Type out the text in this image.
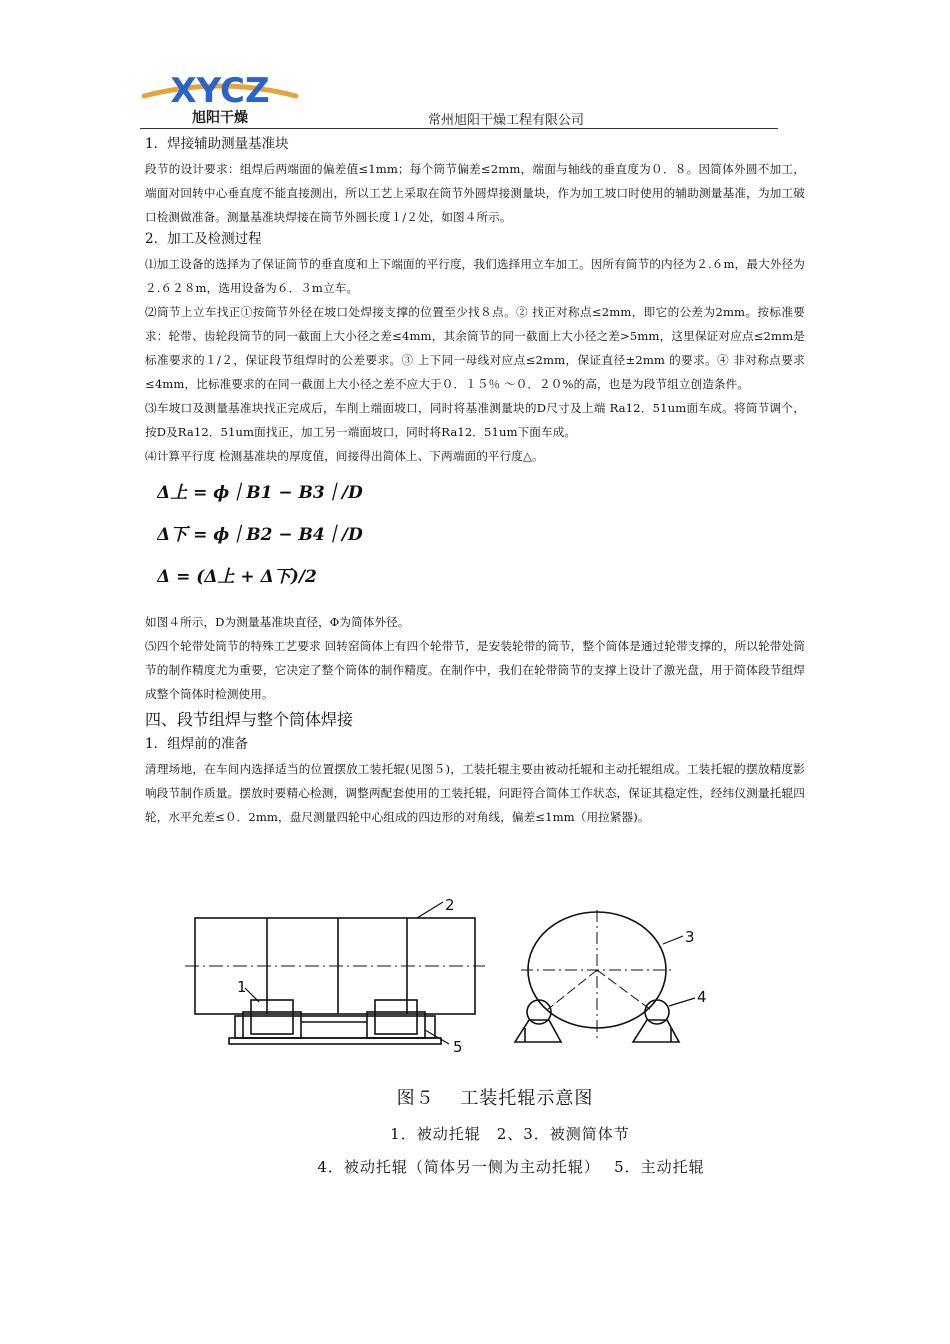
XYCZ
旭阳干燥	常州旭阳干燥工程有限公司
1．焊接辅助测量基准块

段节的设计要求：组焊后两端面的偏差值≤1mm；每个筒节偏差≤2mm，端面与轴线的垂直度为０．８。因简体外圆不加工，端面对回转中心垂直度不能直接测出，所以工艺上采取在筒节外圆焊接测量块，作为加工坡口时使用的辅助测量基准，为加工破口检测做准备。测量基准块焊接在筒节外圆长度１/２处，如图４所示。

2．加工及检测过程

⑴加工设备的选择为了保证筒节的垂直度和上下端面的平行度，我们选择用立车加工。因所有筒节的内径为２.６m，最大外径为２.６２８m，选用设备为６．３m立车。

⑵筒节上立车找正①按筒节外径在坡口处焊接支撑的位置至少找８点。② 找正对称点≤2mm，即它的公差为2mm。按标准要求：轮带、齿轮段筒节的同一截面上大小径之差≤4mm，其余筒节的同一截面上大小径之差>5mm，这里保证对应点≤2mm是标准要求的１/２，保证段节组焊时的公差要求。③ 上下同一母线对应点≤2mm，保证直径±2mm 的要求。④ 非对称点要求≤4mm，比标准要求的在同一截面上大小径之差不应大于０．１５％ ～０．２０%的高，也是为段节组立创造条件。

⑶车坡口及测量基准块找正完成后，车削上端面坡口，同时将基准测量块的D尺寸及上端 Ra12．51um面车成。将筒节调个，按D及Ra12．51um面找正，加工另一端面坡口，同时将Ra12．51um下面车成。

⑷计算平行度 检测基准块的厚度值，间接得出简体上、下两端面的平行度△。

Δ上 = ϕ｜B1 − B3｜/D
Δ下 = ϕ｜B2 − B4｜/D
Δ = (Δ上 + Δ下)/2

如图４所示，D为测量基准块直径，Φ为简体外径。

⑸四个轮带处筒节的特殊工艺要求 回转窑筒体上有四个轮带节，是安装轮带的筒节，整个筒体是通过轮带支撑的，所以轮带处筒节的制作精度尤为重要，它决定了整个筒体的制作精度。在制作中，我们在轮带筒节的支撑上设计了激光盘，用于简体段节组焊成整个筒体时检测使用。

四、段节组焊与整个筒体焊接
1．组焊前的准备

清理场地，在车间内选择适当的位置摆放工装托辊(见图５)，工装托辊主要由被动托辊和主动托辊组成。工装托辊的摆放精度影响段节制作质量。摆放时要精心检测，调整两配套使用的工装托辊，问距符合简体工作状态，保证其稳定性，经纬仪测量托辊四轮，水平允差≤０．2mm，盘尺测量四轮中心组成的四边形的对角线，偏差≤1mm（用拉紧器)。

2
1
5
3
4
图５　 工装托辊示意图
1．被动托辊　2、3．被测简体节
4．被动托辊（简体另一侧为主动托辊）　 5．主动托辊
